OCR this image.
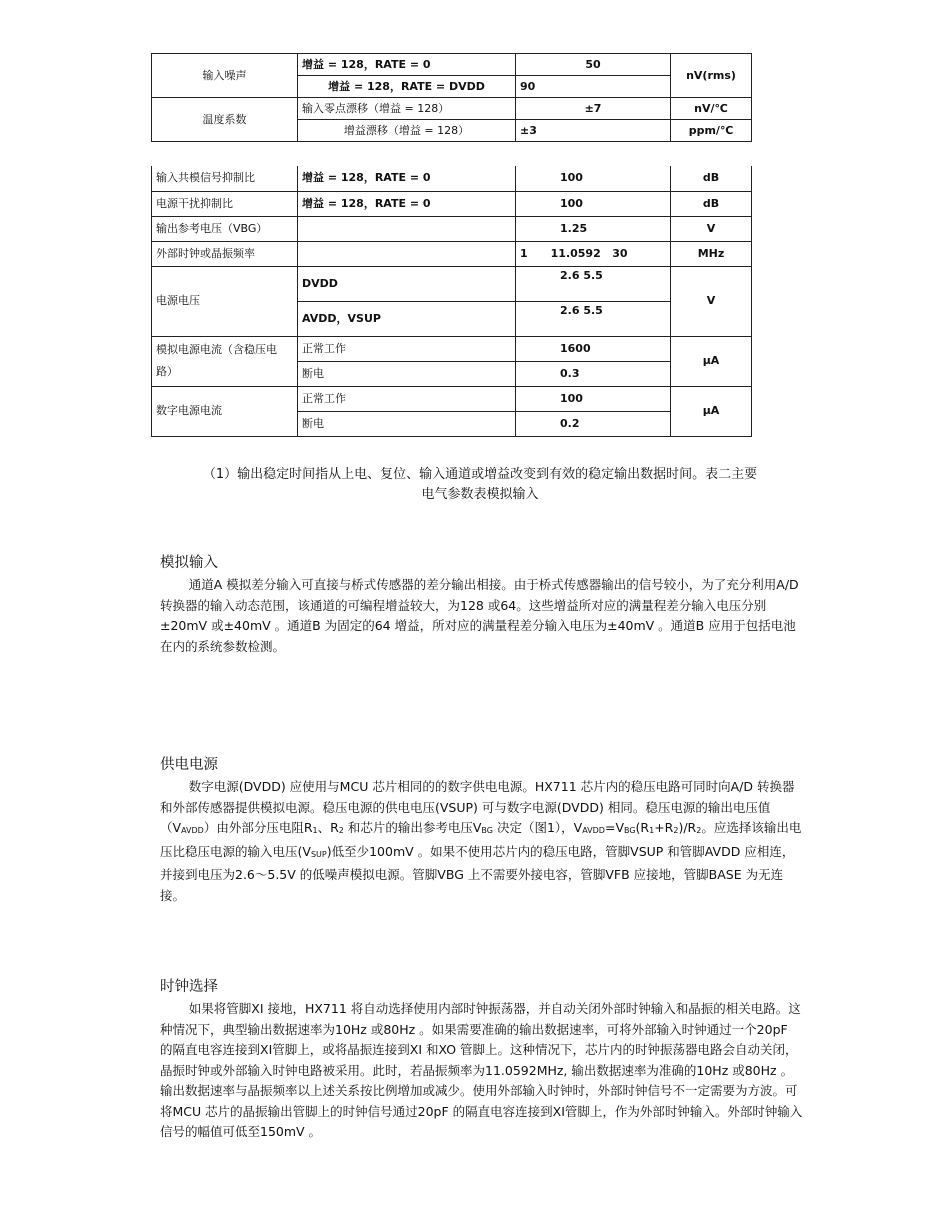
输入噪声	增益 = 128，RATE = 0	50	nV(rms)
	增益 = 128，RATE = DVDD	90	
温度系数	输入零点漂移（增益 = 128）	±7	nV/℃
	增益漂移（增益 = 128）	±3	ppm/℃
输入共模信号抑制比	增益 = 128，RATE = 0	100	dB
电源干扰抑制比	增益 = 128，RATE = 0	100	dB
输出参考电压（VBG）		1.25	V
外部时钟或晶振频率		1      11.0592   30	MHz
电源电压	DVDD	2.6 5.5	V
	AVDD，VSUP	2.6 5.5	
模拟电源电流（含稳压电路）	正常工作	1600	μA
	断电	0.3	
数字电源电流	正常工作	100	μA
	断电	0.2	
（1）输出稳定时间指从上电、复位、输入通道或增益改变到有效的稳定输出数据时间。表二主要
电气参数表模拟输入
模拟输入

通道A 模拟差分输入可直接与桥式传感器的差分输出相接。由于桥式传感器输出的信号较小，为了充分利用A/D 转换器的输入动态范围，该通道的可编程增益较大，为128 或64。这些增益所对应的满量程差分输入电压分别±20mV 或±40mV 。通道B 为固定的64 增益，所对应的满量程差分输入电压为±40mV 。通道B 应用于包括电池在内的系统参数检测。

供电电源

数字电源(DVDD) 应使用与MCU 芯片相同的的数字供电电源。HX711 芯片内的稳压电路可同时向A/D 转换器和外部传感器提供模拟电源。稳压电源的供电电压(VSUP) 可与数字电源(DVDD) 相同。稳压电源的输出电压值$(V_{AVDD})$由外部分压电阻$R_1$、$R_2$ 和芯片的输出参考电压$V_{BG}$ 决定（图1），$V_{AVDD}=V_{BG}(R_1+R_2)/R_2$。应选择该输出电压比稳压电源的输入电压$(V_{SUP})$低至少100mV 。如果不使用芯片内的稳压电路，管脚VSUP 和管脚AVDD 应相连，并接到电压为2.6～5.5V 的低噪声模拟电源。管脚VBG 上不需要外接电容，管脚VFB 应接地，管脚BASE 为无连接。

时钟选择

如果将管脚XI 接地，HX711 将自动选择使用内部时钟振荡器，并自动关闭外部时钟输入和晶振的相关电路。这种情况下，典型输出数据速率为10Hz 或80Hz 。如果需要准确的输出数据速率，可将外部输入时钟通过一个20pF 的隔直电容连接到XI管脚上，或将晶振连接到XI 和XO 管脚上。这种情况下，芯片内的时钟振荡器电路会自动关闭，晶振时钟或外部输入时钟电路被采用。此时，若晶振频率为11.0592MHz, 输出数据速率为准确的10Hz 或80Hz 。输出数据速率与晶振频率以上述关系按比例增加或减少。使用外部输入时钟时，外部时钟信号不一定需要为方波。可将MCU 芯片的晶振输出管脚上的时钟信号通过20pF 的隔直电容连接到XI管脚上，作为外部时钟输入。外部时钟输入信号的幅值可低至150mV 。
